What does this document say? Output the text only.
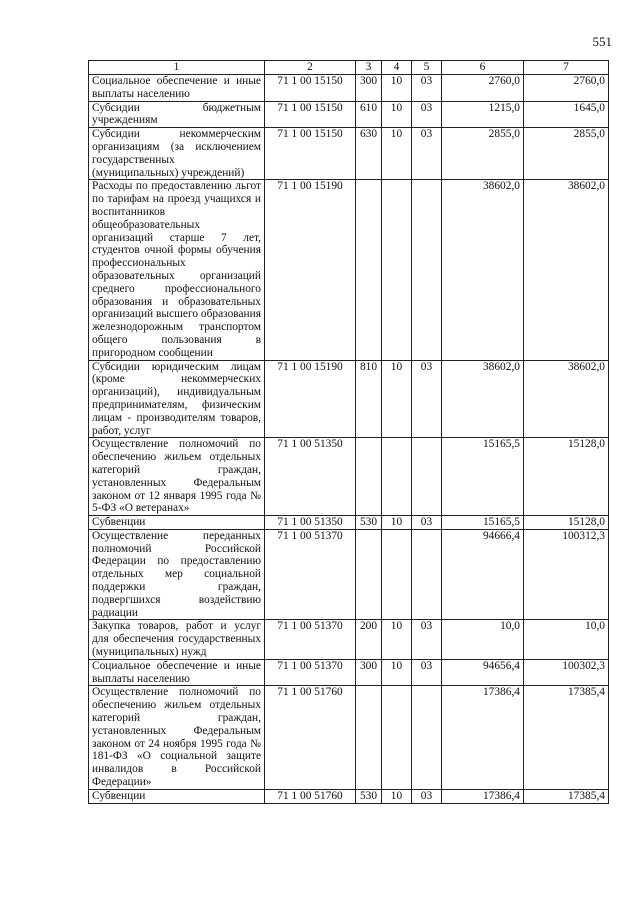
551
1	2	3	4	5	6	7
Социальное обеспечение и иные выплаты населению	71 1 00 15150	300	10	03	2760,0	2760,0
Субсидии бюджетным учреждениям	71 1 00 15150	610	10	03	1215,0	1645,0
Субсидии некоммерческим организациям (за исключением государственных (муниципальных) учреждений)	71 1 00 15150	630	10	03	2855,0	2855,0
Расходы по предоставлению льгот по тарифам на проезд учащихся и воспитанников общеобразовательных организаций старше 7 лет, студентов очной формы обучения профессиональных образовательных организаций среднего профессионального образования и образовательных организаций высшего образования железнодорожным транспортом общего пользования в пригородном сообщении	71 1 00 15190				38602,0	38602,0
Субсидии юридическим лицам (кроме некоммерческих организаций), индивидуальным предпринимателям, физическим лицам - производителям товаров, работ, услуг	71 1 00 15190	810	10	03	38602,0	38602,0
Осуществление полномочий по обеспечению жильем отдельных категорий граждан, установленных Федеральным законом от 12 января 1995 года № 5-ФЗ «О ветеранах»	71 1 00 51350				15165,5	15128,0
Субвенции	71 1 00 51350	530	10	03	15165,5	15128,0
Осуществление переданных полномочий Российской Федерации по предоставлению отдельных мер социальной поддержки граждан, подвергшихся воздействию радиации	71 1 00 51370				94666,4	100312,3
Закупка товаров, работ и услуг для обеспечения государственных (муниципальных) нужд	71 1 00 51370	200	10	03	10,0	10,0
Социальное обеспечение и иные выплаты населению	71 1 00 51370	300	10	03	94656,4	100302,3
Осуществление полномочий по обеспечению жильем отдельных категорий граждан, установленных Федеральным законом от 24 ноября 1995 года № 181-ФЗ «О социальной защите инвалидов в Российской Федерации»	71 1 00 51760				17386,4	17385,4
Субвенции	71 1 00 51760	530	10	03	17386,4	17385,4
